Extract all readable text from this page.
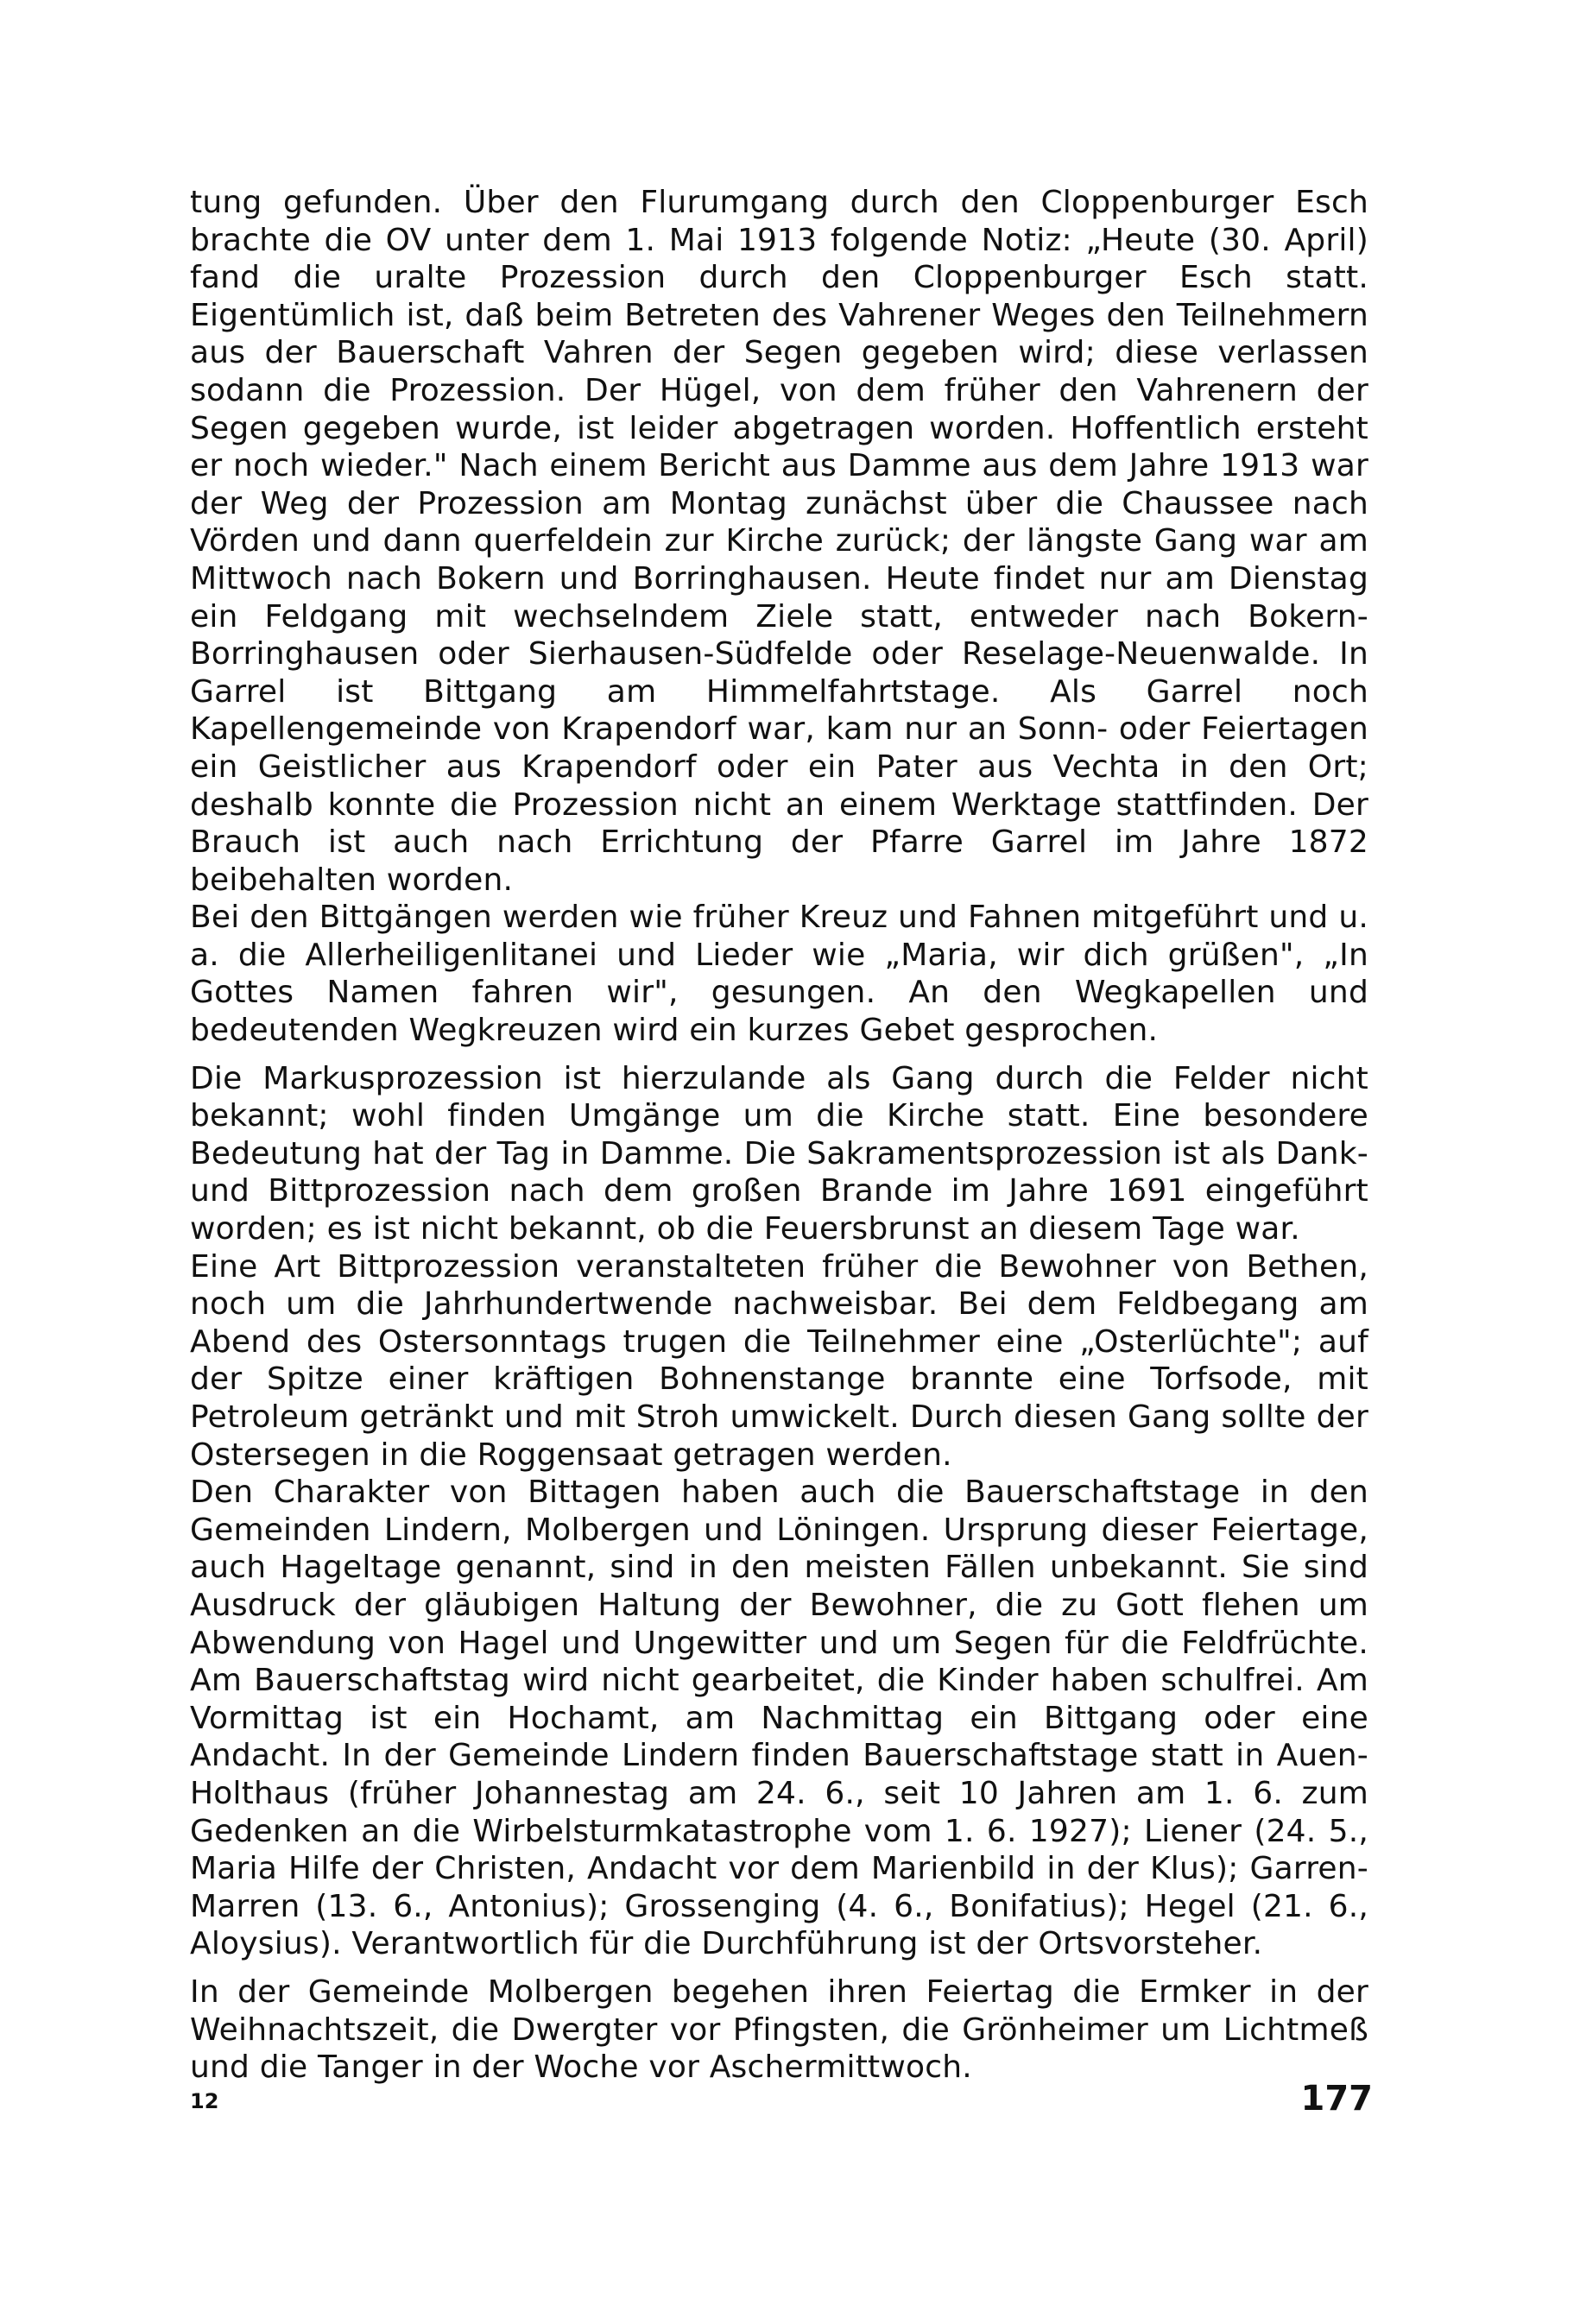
tung gefunden. Über den Flurumgang durch den Cloppenburger Esch brachte die OV unter dem 1. Mai 1913 folgende Notiz: „Heute (30. April) fand die uralte Prozession durch den Cloppenburger Esch statt. Eigentümlich ist, daß beim Betreten des Vahrener Weges den Teilnehmern aus der Bauerschaft Vahren der Segen gegeben wird; diese verlassen sodann die Prozession. Der Hügel, von dem früher den Vahrenern der Segen gegeben wurde, ist leider abgetragen worden. Hoffentlich ersteht er noch wieder." Nach einem Bericht aus Damme aus dem Jahre 1913 war der Weg der Prozession am Montag zunächst über die Chaussee nach Vörden und dann querfeldein zur Kirche zurück; der längste Gang war am Mittwoch nach Bokern und Borringhausen. Heute findet nur am Dienstag ein Feldgang mit wechselndem Ziele statt, entweder nach Bokern-Borringhausen oder Sierhausen-Südfelde oder Reselage-Neuenwalde. In Garrel ist Bittgang am Himmelfahrtstage. Als Garrel noch Kapellengemeinde von Krapendorf war, kam nur an Sonn- oder Feiertagen ein Geistlicher aus Krapendorf oder ein Pater aus Vechta in den Ort; deshalb konnte die Prozession nicht an einem Werktage stattfinden. Der Brauch ist auch nach Errichtung der Pfarre Garrel im Jahre 1872 beibehalten worden.

Bei den Bittgängen werden wie früher Kreuz und Fahnen mitgeführt und u. a. die Allerheiligenlitanei und Lieder wie „Maria, wir dich grüßen", „In Gottes Namen fahren wir", gesungen. An den Wegkapellen und bedeutenden Wegkreuzen wird ein kurzes Gebet gesprochen.

Die Markusprozession ist hierzulande als Gang durch die Felder nicht bekannt; wohl finden Umgänge um die Kirche statt. Eine besondere Bedeutung hat der Tag in Damme. Die Sakramentsprozession ist als Dank- und Bittprozession nach dem großen Brande im Jahre 1691 eingeführt worden; es ist nicht bekannt, ob die Feuersbrunst an diesem Tage war.

Eine Art Bittprozession veranstalteten früher die Bewohner von Bethen, noch um die Jahrhundertwende nachweisbar. Bei dem Feldbegang am Abend des Ostersonntags trugen die Teilnehmer eine „Osterlüchte"; auf der Spitze einer kräftigen Bohnenstange brannte eine Torfsode, mit Petroleum getränkt und mit Stroh umwickelt. Durch diesen Gang sollte der Ostersegen in die Roggensaat getragen werden.

Den Charakter von Bittagen haben auch die Bauerschaftstage in den Gemeinden Lindern, Molbergen und Löningen. Ursprung dieser Feiertage, auch Hageltage genannt, sind in den meisten Fällen unbekannt. Sie sind Ausdruck der gläubigen Haltung der Bewohner, die zu Gott flehen um Abwendung von Hagel und Ungewitter und um Segen für die Feldfrüchte. Am Bauerschaftstag wird nicht gearbeitet, die Kinder haben schulfrei. Am Vormittag ist ein Hochamt, am Nachmittag ein Bittgang oder eine Andacht. In der Gemeinde Lindern finden Bauerschaftstage statt in Auen-Holthaus (früher Johannestag am 24. 6., seit 10 Jahren am 1. 6. zum Gedenken an die Wirbelsturmkatastrophe vom 1. 6. 1927); Liener (24. 5., Maria Hilfe der Christen, Andacht vor dem Marienbild in der Klus); Garren-Marren (13. 6., Antonius); Grossenging (4. 6., Bonifatius); Hegel (21. 6., Aloysius). Verantwortlich für die Durchführung ist der Ortsvorsteher.

In der Gemeinde Molbergen begehen ihren Feiertag die Ermker in der Weihnachtszeit, die Dwergter vor Pfingsten, die Grönheimer um Lichtmeß und die Tanger in der Woche vor Aschermittwoch.

12	177
